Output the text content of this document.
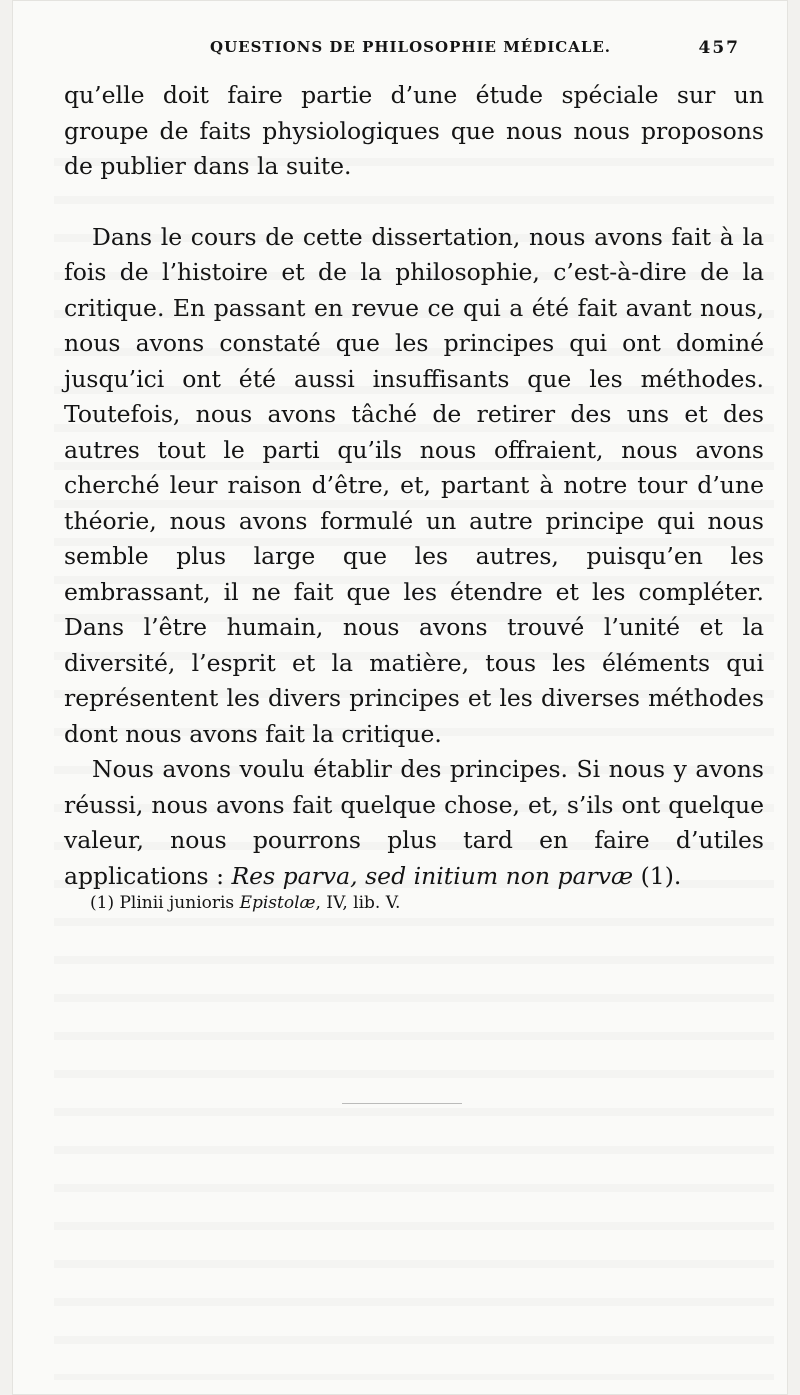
QUESTIONS DE PHILOSOPHIE MÉDICALE.	457

qu’elle doit faire partie d’une étude spéciale sur un groupe de faits physiologiques que nous nous proposons de publier dans la suite.

Dans le cours de cette dissertation, nous avons fait à la fois de l’histoire et de la philosophie, c’est-à-dire de la critique. En passant en revue ce qui a été fait avant nous, nous avons constaté que les principes qui ont dominé jusqu’ici ont été aussi insuffisants que les méthodes. Toutefois, nous avons tâché de retirer des uns et des autres tout le parti qu’ils nous offraient, nous avons cherché leur raison d’être, et, partant à notre tour d’une théorie, nous avons formulé un autre principe qui nous semble plus large que les autres, puisqu’en les embrassant, il ne fait que les étendre et les compléter. Dans l’être humain, nous avons trouvé l’unité et la diversité, l’esprit et la matière, tous les éléments qui représentent les divers principes et les diverses méthodes dont nous avons fait la critique.

Nous avons voulu établir des principes. Si nous y avons réussi, nous avons fait quelque chose, et, s’ils ont quelque valeur, nous pourrons plus tard en faire d’utiles applications : Res parva, sed initium non parvæ (1).

(1) Plinii junioris Epistolæ, IV, lib. V.
